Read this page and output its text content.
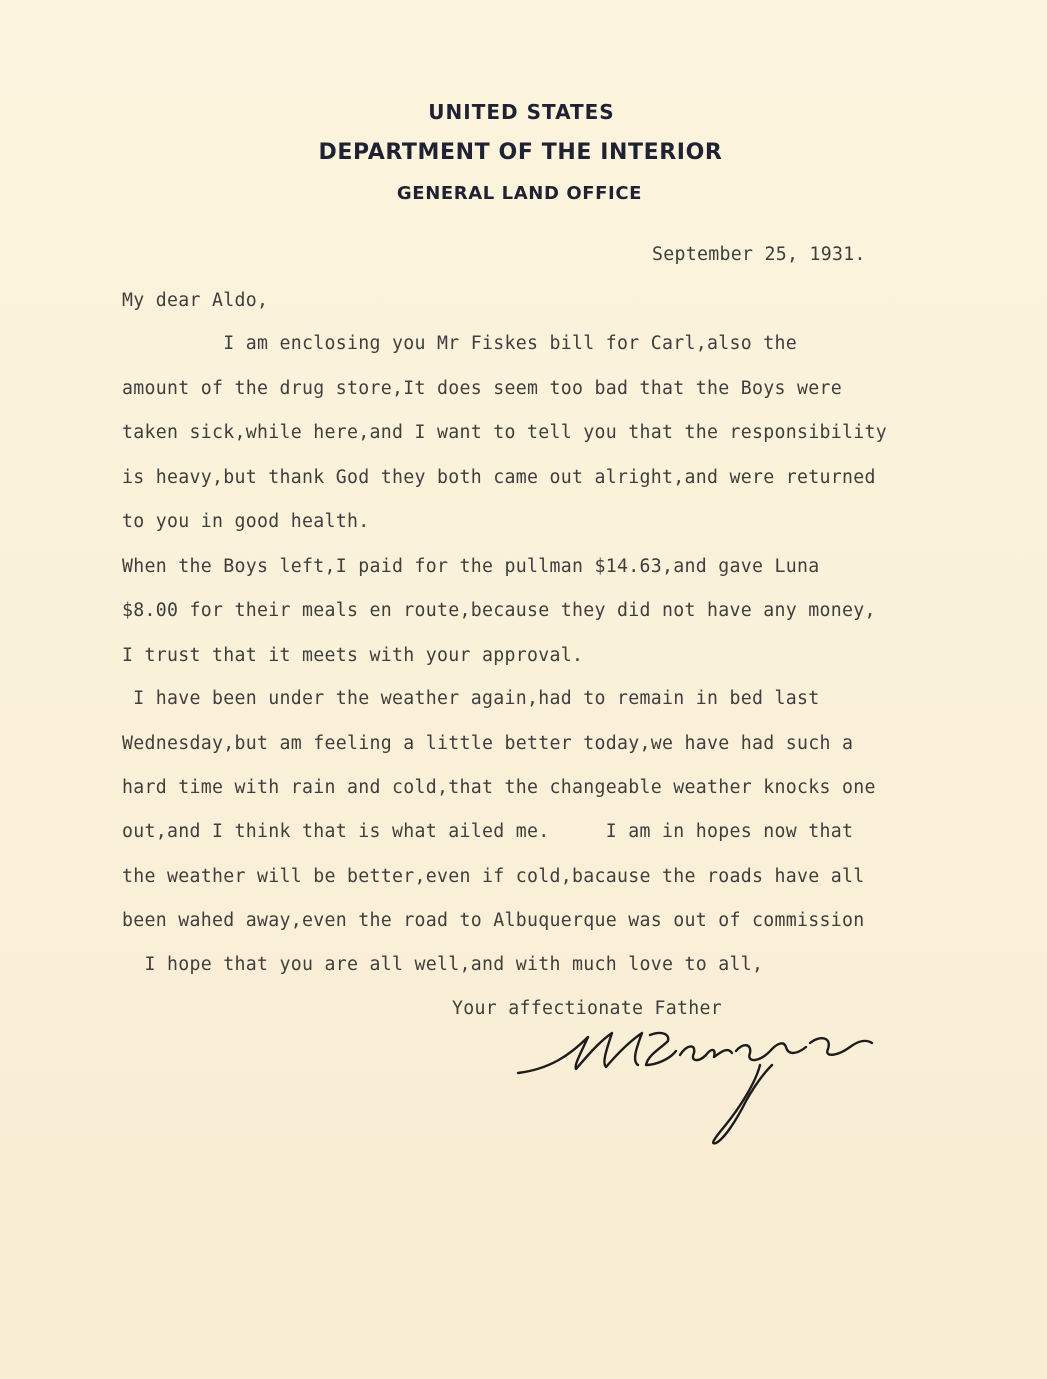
UNITED STATES
DEPARTMENT OF THE INTERIOR
GENERAL LAND OFFICE
September 25, 1931.
My dear Aldo,
I am enclosing you Mr Fiskes bill for Carl,also the
amount of the drug store,It does seem too bad that the Boys were
taken sick,while here,and I want to tell you that the responsibility
is heavy,but thank God they both came out alright,and were returned
to you in good health.
When the Boys left,I paid for the pullman $14.63,and gave Luna
$8.00 for their meals en route,because they did not have any money,
I trust that it meets with your approval.
I have been under the weather again,had to remain in bed last
Wednesday,but am feeling a little better today,we have had such a
hard time with rain and cold,that the changeable weather knocks one
out,and I think that is what ailed me.     I am in hopes now that
the weather will be better,even if cold,bacause the roads have all
been wahed away,even the road to Albuquerque was out of commission
I hope that you are all well,and with much love to all,
Your affectionate Father
